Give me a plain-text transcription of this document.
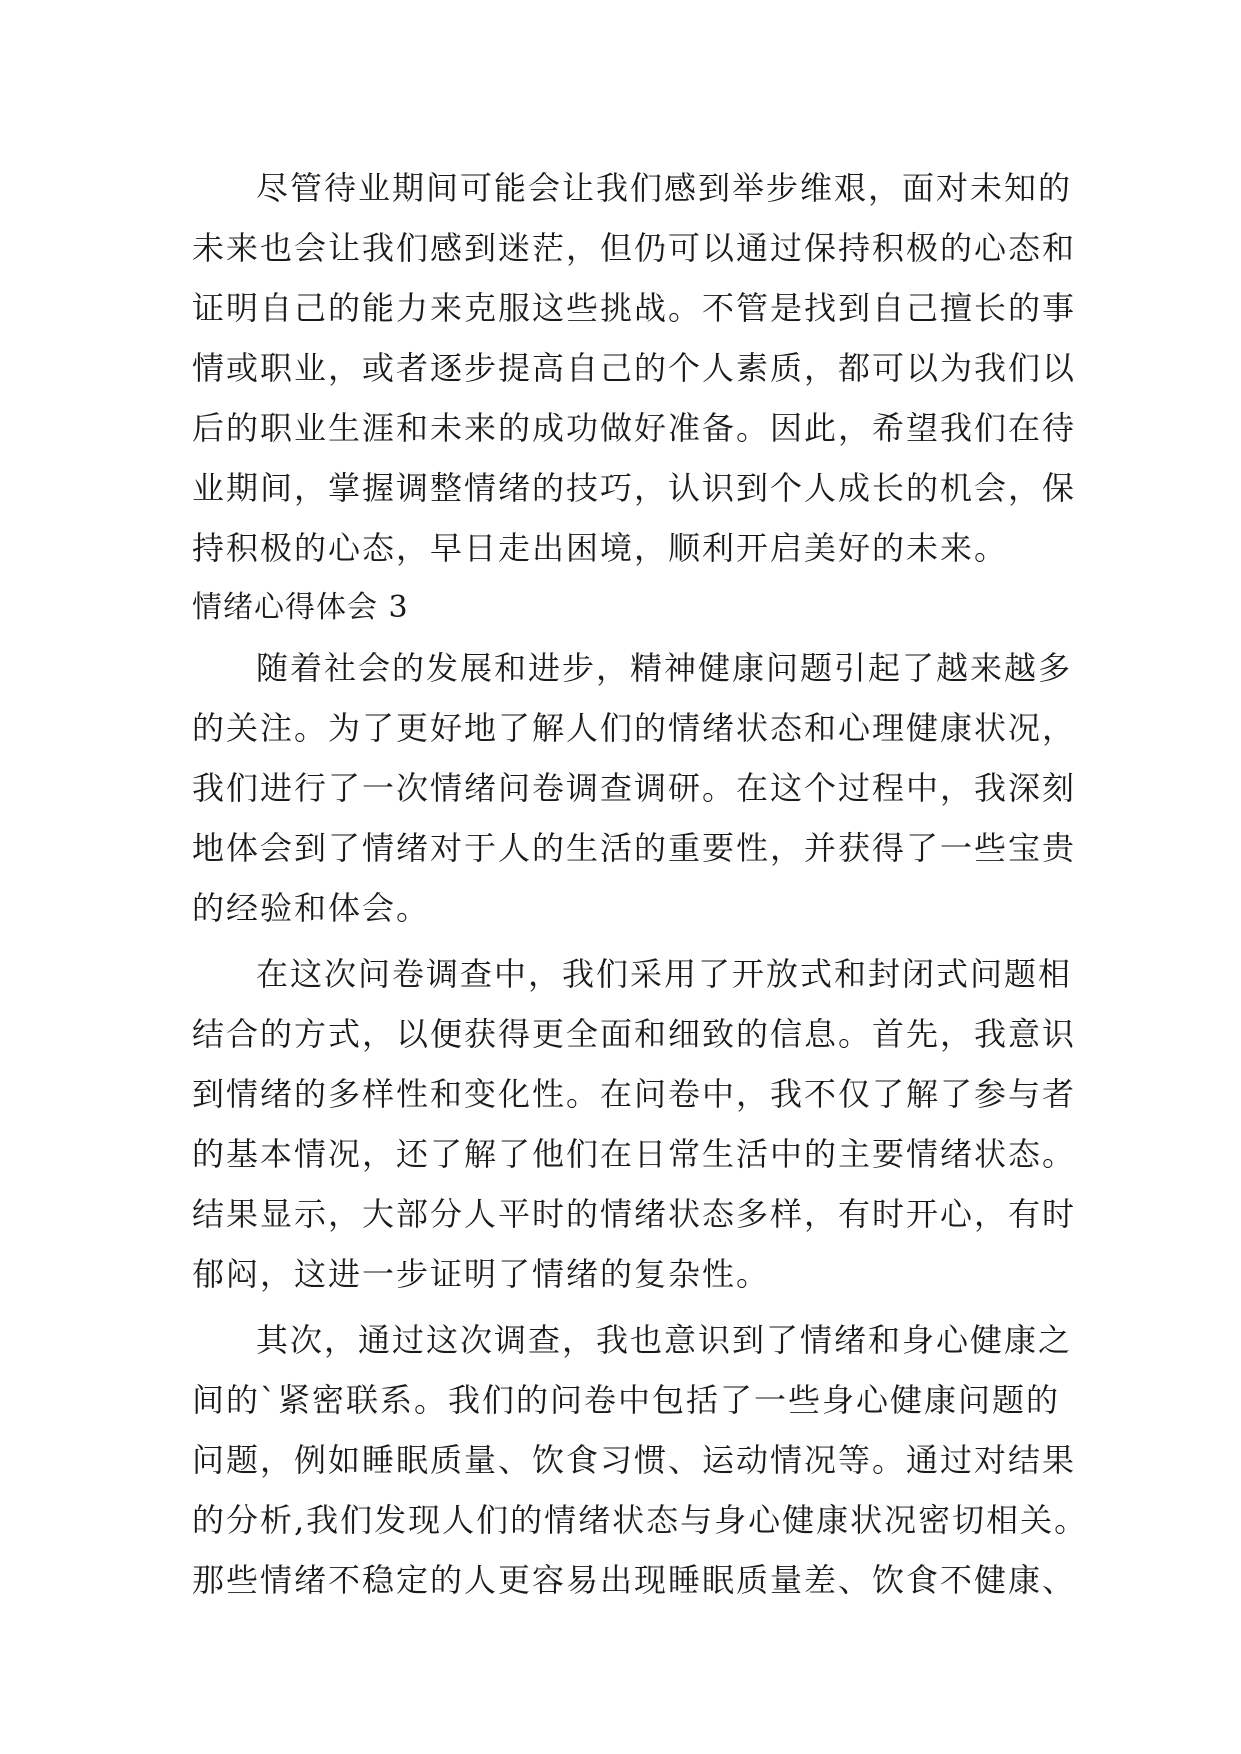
尽管待业期间可能会让我们感到举步维艰，面对未知的
未来也会让我们感到迷茫，但仍可以通过保持积极的心态和
证明自己的能力来克服这些挑战。不管是找到自己擅长的事
情或职业，或者逐步提高自己的个人素质，都可以为我们以
后的职业生涯和未来的成功做好准备。因此，希望我们在待
业期间，掌握调整情绪的技巧，认识到个人成长的机会，保
持积极的心态，早日走出困境，顺利开启美好的未来。
情绪心得体会 3
随着社会的发展和进步，精神健康问题引起了越来越多
的关注。为了更好地了解人们的情绪状态和心理健康状况，
我们进行了一次情绪问卷调查调研。在这个过程中，我深刻
地体会到了情绪对于人的生活的重要性，并获得了一些宝贵
的经验和体会。
在这次问卷调查中，我们采用了开放式和封闭式问题相
结合的方式，以便获得更全面和细致的信息。首先，我意识
到情绪的多样性和变化性。在问卷中，我不仅了解了参与者
的基本情况，还了解了他们在日常生活中的主要情绪状态。
结果显示，大部分人平时的情绪状态多样，有时开心，有时
郁闷，这进一步证明了情绪的复杂性。
其次，通过这次调查，我也意识到了情绪和身心健康之
间的`紧密联系。我们的问卷中包括了一些身心健康问题的
问题，例如睡眠质量、饮食习惯、运动情况等。通过对结果
的分析,我们发现人们的情绪状态与身心健康状况密切相关。
那些情绪不稳定的人更容易出现睡眠质量差、饮食不健康、
